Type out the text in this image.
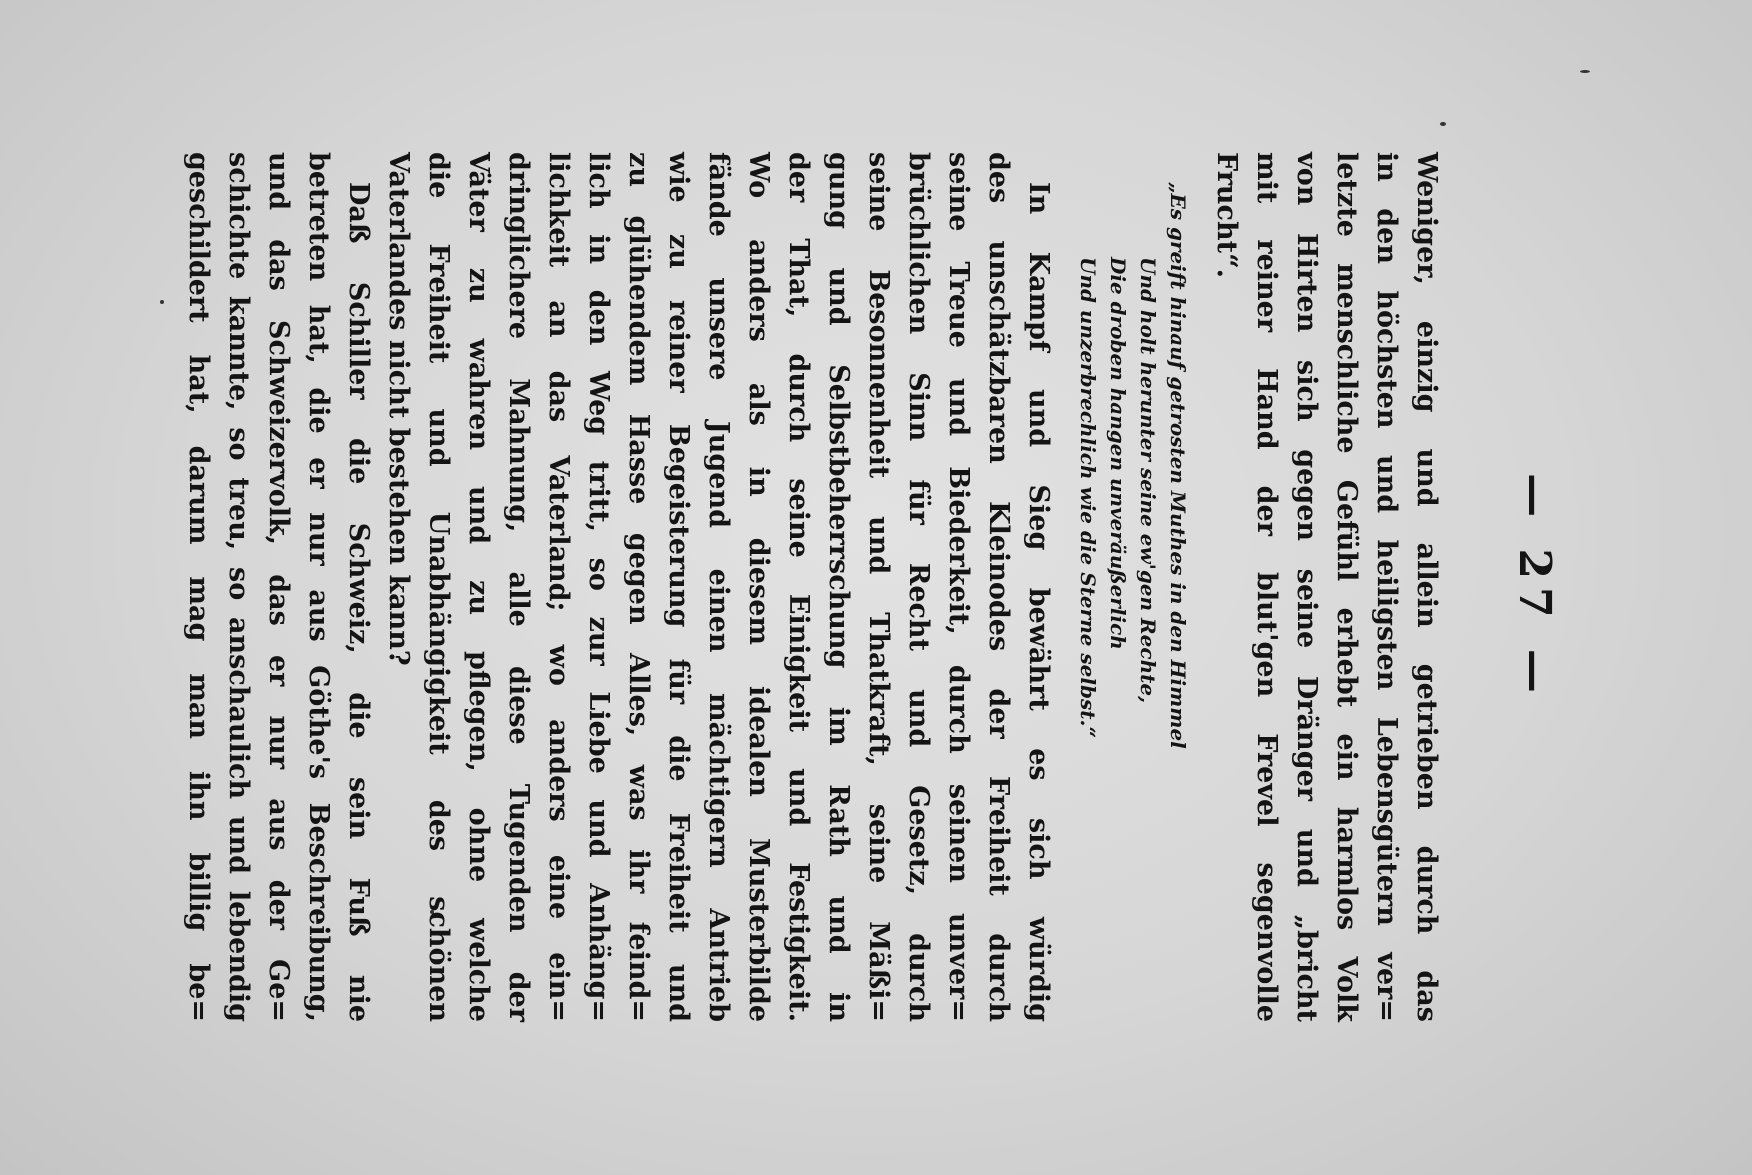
— 27 —
Weniger, einzig und allein getrieben durch das
in den höchsten und heiligsten Lebensgütern ver=
letzte menschliche Gefühl erhebt ein harmlos Volk
von Hirten sich gegen seine Dränger und „bricht
mit reiner Hand der blut'gen Frevel segenvolle
Frucht“.
„Es greift hinauf getrosten Muthes in den Himmel
Und holt herunter seine ew'gen Rechte,
Die droben hangen unveräußerlich
Und unzerbrechlich wie die Sterne selbst.“
In Kampf und Sieg bewährt es sich würdig
des unschätzbaren Kleinodes der Freiheit durch
seine Treue und Biederkeit, durch seinen unver=
brüchlichen Sinn für Recht und Gesetz, durch
seine Besonnenheit und Thatkraft, seine Mäßi=
gung und Selbstbeherrschung im Rath und in
der That, durch seine Einigkeit und Festigkeit.
Wo anders als in diesem idealen Musterbilde
fände unsere Jugend einen mächtigern Antrieb
wie zu reiner Begeisterung für die Freiheit und
zu glühendem Hasse gegen Alles, was ihr feind=
lich in den Weg tritt, so zur Liebe und Anhäng=
lichkeit an das Vaterland; wo anders eine ein=
dringlichere Mahnung, alle diese Tugenden der
Väter zu wahren und zu pflegen, ohne welche
die Freiheit und Unabhängigkeit des schönen
Vaterlandes nicht bestehen kann?
Daß Schiller die Schweiz, die sein Fuß nie
betreten hat, die er nur aus Göthe's Beschreibung,
und das Schweizervolk, das er nur aus der Ge=
schichte kannte, so treu, so anschaulich und lebendig
geschildert hat, darum mag man ihn billig be=
